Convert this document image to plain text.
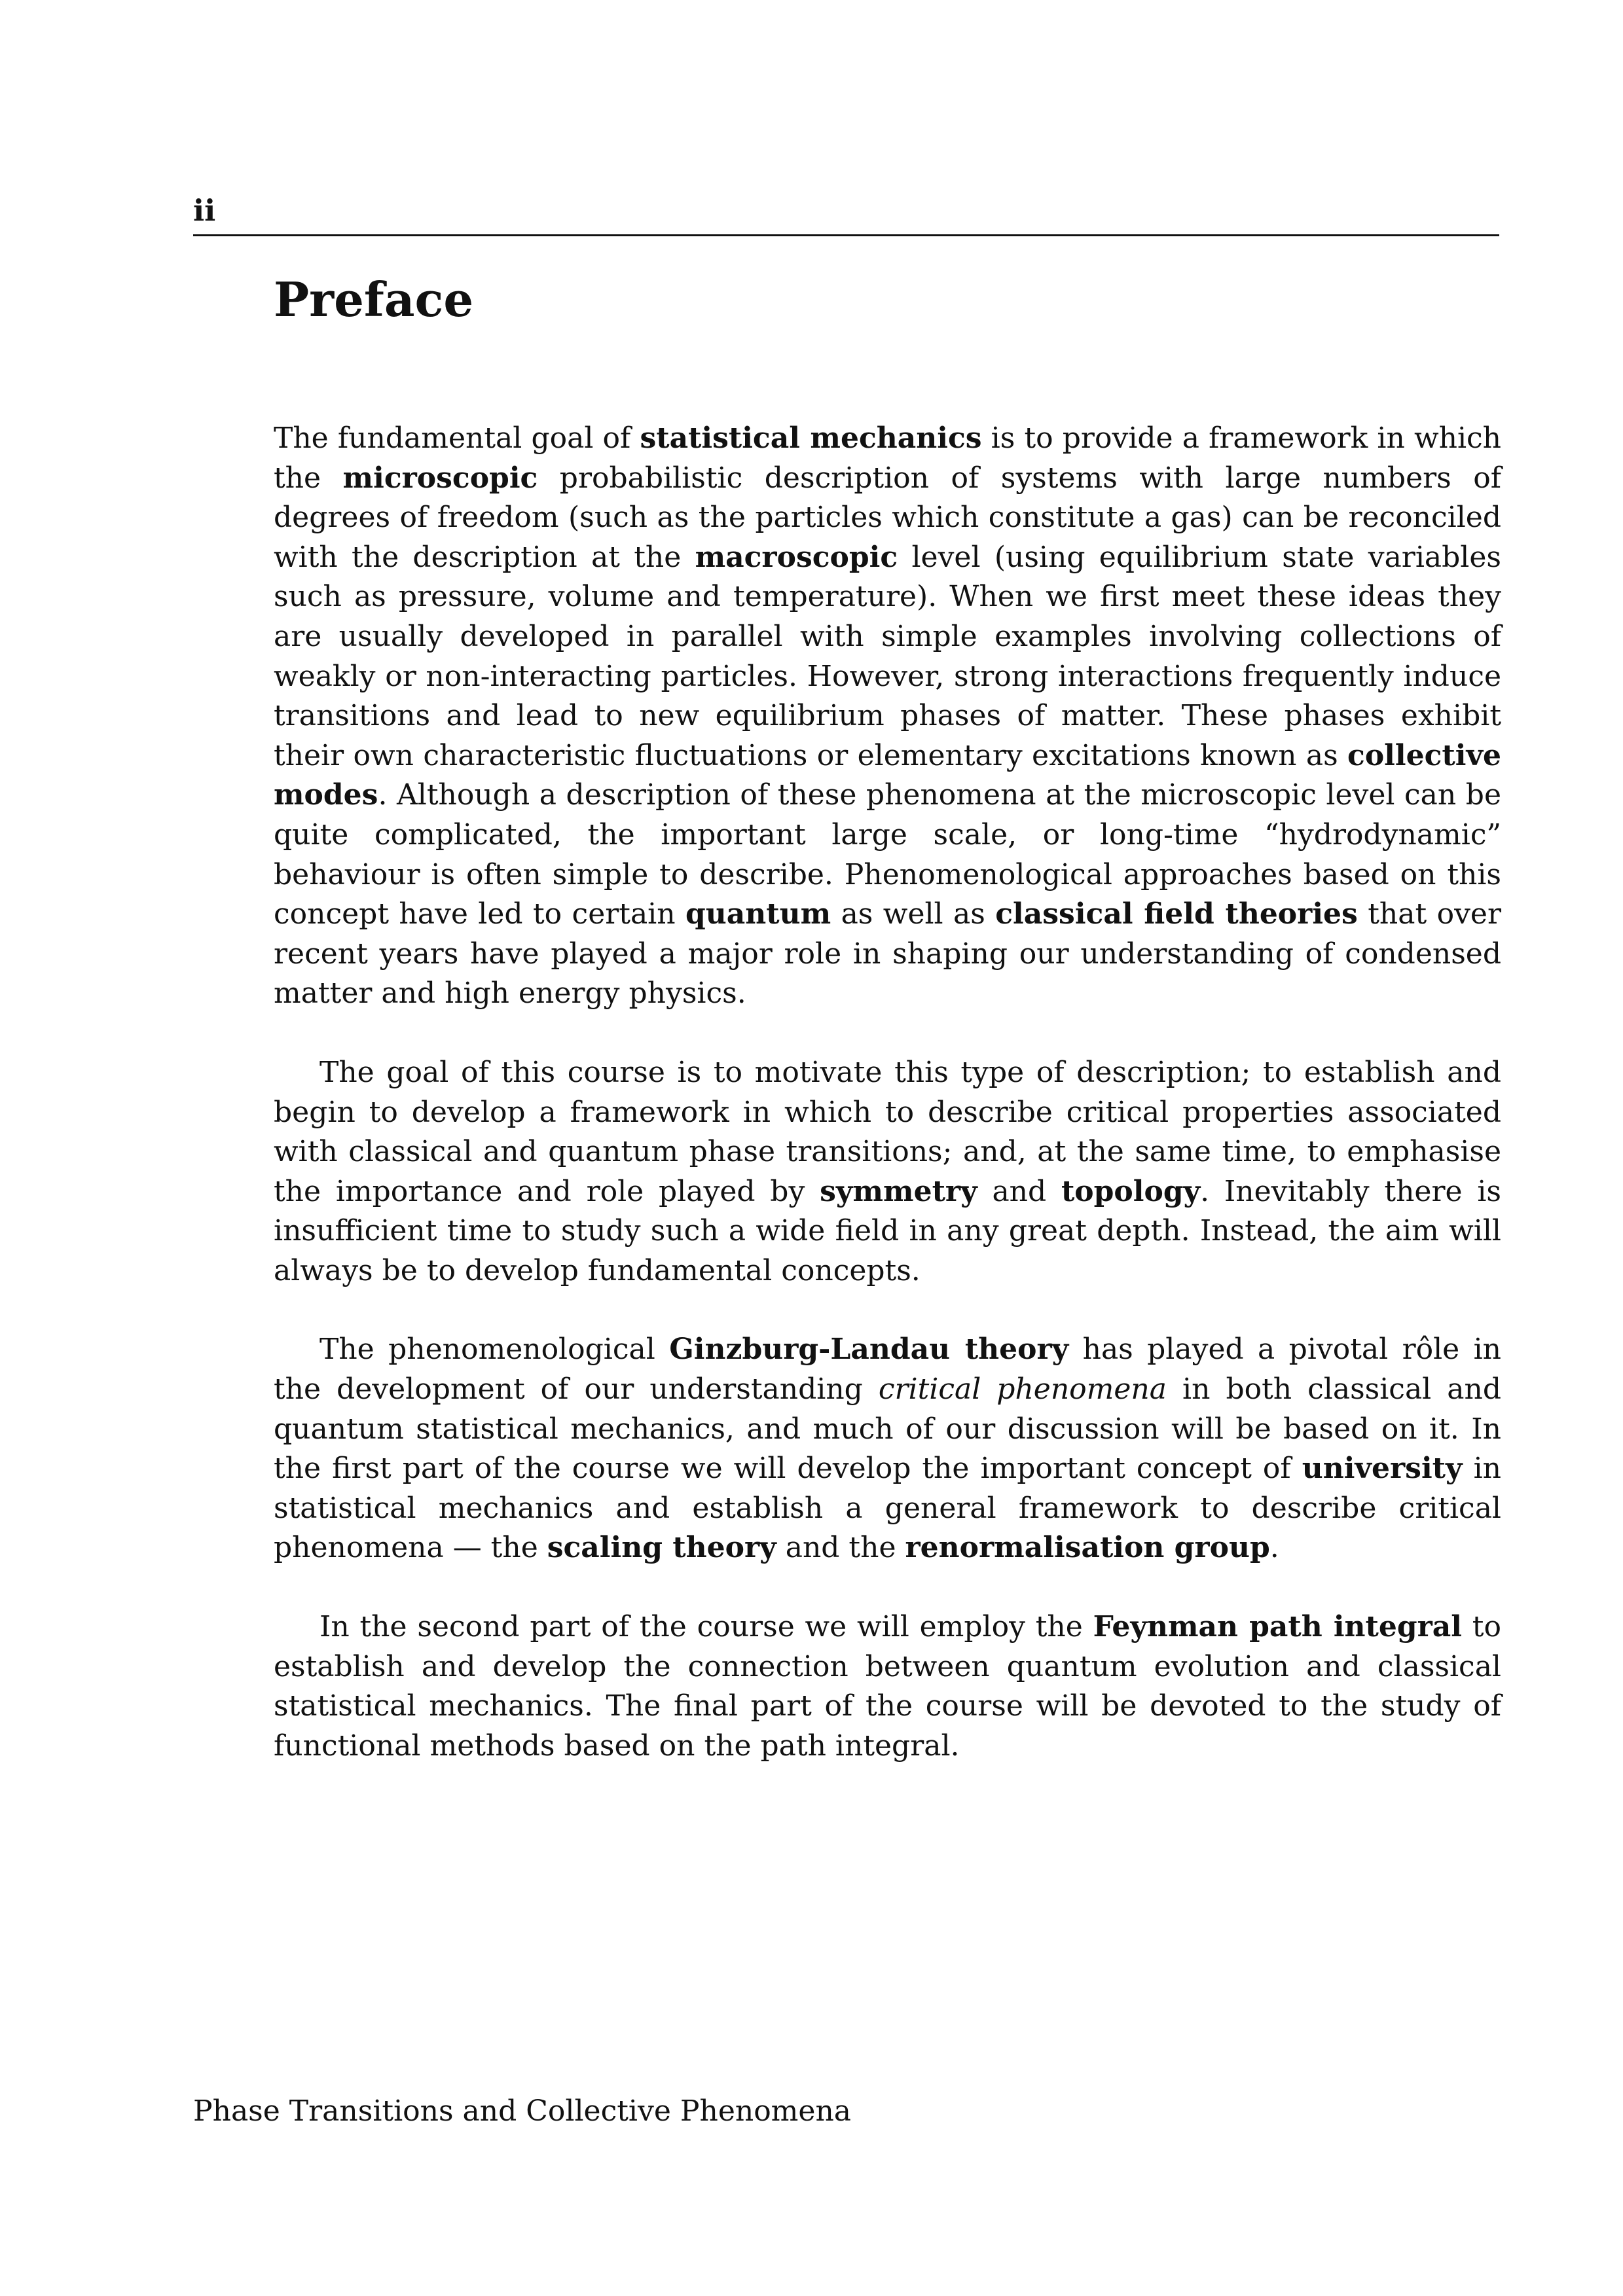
ii
Preface

The fundamental goal of statistical mechanics is to provide a framework in which the microscopic probabilistic description of systems with large numbers of degrees of freedom (such as the particles which constitute a gas) can be reconciled with the description at the macroscopic level (using equilibrium state variables such as pressure, volume and temperature). When we first meet these ideas they are usually developed in parallel with simple examples involving collections of weakly or non-interacting particles. However, strong interactions frequently induce transitions and lead to new equilibrium phases of matter. These phases exhibit their own characteristic fluctuations or elementary excitations known as collective modes. Although a description of these phenomena at the microscopic level can be quite complicated, the important large scale, or long-time “hydrodynamic” behaviour is often simple to describe. Phenomenological approaches based on this concept have led to certain quantum as well as classical field theories that over recent years have played a major role in shaping our understanding of condensed matter and high energy physics.

The goal of this course is to motivate this type of description; to establish and begin to develop a framework in which to describe critical properties associated with classical and quantum phase transitions; and, at the same time, to emphasise the importance and role played by symmetry and topology. Inevitably there is insufficient time to study such a wide field in any great depth. Instead, the aim will always be to develop fundamental concepts.

The phenomenological Ginzburg-Landau theory has played a pivotal rôle in the development of our understanding critical phenomena in both classical and quantum statistical mechanics, and much of our discussion will be based on it. In the first part of the course we will develop the important concept of university in statistical mechanics and establish a general framework to describe critical phenomena — the scaling theory and the renormalisation group.

In the second part of the course we will employ the Feynman path integral to establish and develop the connection between quantum evolution and classical statistical mechanics. The final part of the course will be devoted to the study of functional methods based on the path integral.

Phase Transitions and Collective Phenomena
